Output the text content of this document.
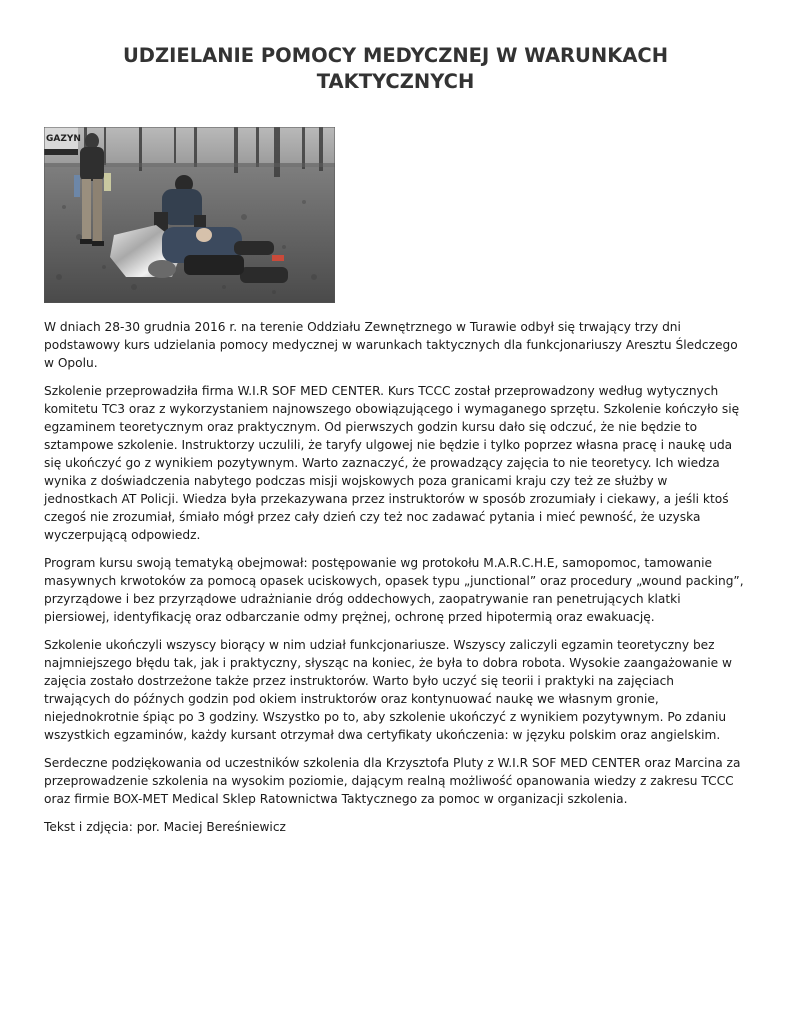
UDZIELANIE POMOCY MEDYCZNEJ W WARUNKACH TAKTYCZNYCH
GAZYN

W dniach 28-30 grudnia 2016 r. na terenie Oddziału Zewnętrznego w Turawie odbył się trwający trzy dni podstawowy kurs udzielania pomocy medycznej w warunkach taktycznych dla funkcjonariuszy Aresztu Śledczego w Opolu.

Szkolenie przeprowadziła firma W.I.R SOF MED CENTER. Kurs TCCC został przeprowadzony według wytycznych komitetu TC3 oraz z wykorzystaniem najnowszego obowiązującego i wymaganego sprzętu. Szkolenie kończyło się egzaminem teoretycznym oraz praktycznym. Od pierwszych godzin kursu dało się odczuć, że nie będzie to sztampowe szkolenie. Instruktorzy uczulili, że taryfy ulgowej nie będzie i tylko poprzez własna pracę i naukę uda się ukończyć go z wynikiem pozytywnym. Warto zaznaczyć, że prowadzący zajęcia to nie teoretycy. Ich wiedza wynika z doświadczenia nabytego podczas misji wojskowych poza granicami kraju czy też ze służby w jednostkach AT Policji. Wiedza była przekazywana przez instruktorów w sposób zrozumiały i ciekawy, a jeśli ktoś czegoś nie zrozumiał, śmiało mógł przez cały dzień czy też noc zadawać pytania i mieć pewność, że uzyska wyczerpującą odpowiedz.

Program kursu swoją tematyką obejmował: postępowanie wg protokołu M.A.R.C.H.E, samopomoc, tamowanie masywnych krwotoków za pomocą opasek uciskowych, opasek typu „junctional” oraz procedury „wound packing”, przyrządowe i bez przyrządowe udrażnianie dróg oddechowych, zaopatrywanie ran penetrujących klatki piersiowej, identyfikację oraz odbarczanie odmy prężnej, ochronę przed hipotermią oraz ewakuację.

Szkolenie ukończyli wszyscy biorący w nim udział funkcjonariusze. Wszyscy zaliczyli egzamin teoretyczny bez najmniejszego błędu tak, jak i praktyczny, słysząc na koniec, że była to dobra robota. Wysokie zaangażowanie w zajęcia zostało dostrzeżone także przez instruktorów. Warto było uczyć się teorii i praktyki na zajęciach trwających do późnych godzin pod okiem instruktorów oraz kontynuować naukę we własnym gronie, niejednokrotnie śpiąc po 3 godziny. Wszystko po to, aby szkolenie ukończyć z wynikiem pozytywnym. Po zdaniu wszystkich egzaminów, każdy kursant otrzymał dwa certyfikaty ukończenia: w języku polskim oraz angielskim.

Serdeczne podziękowania od uczestników szkolenia dla Krzysztofa Pluty z W.I.R SOF MED CENTER oraz Marcina za przeprowadzenie szkolenia na wysokim poziomie, dającym realną możliwość opanowania wiedzy z zakresu TCCC oraz firmie BOX-MET Medical Sklep Ratownictwa Taktycznego za pomoc w organizacji szkolenia.

Tekst i zdjęcia: por. Maciej Bereśniewicz
